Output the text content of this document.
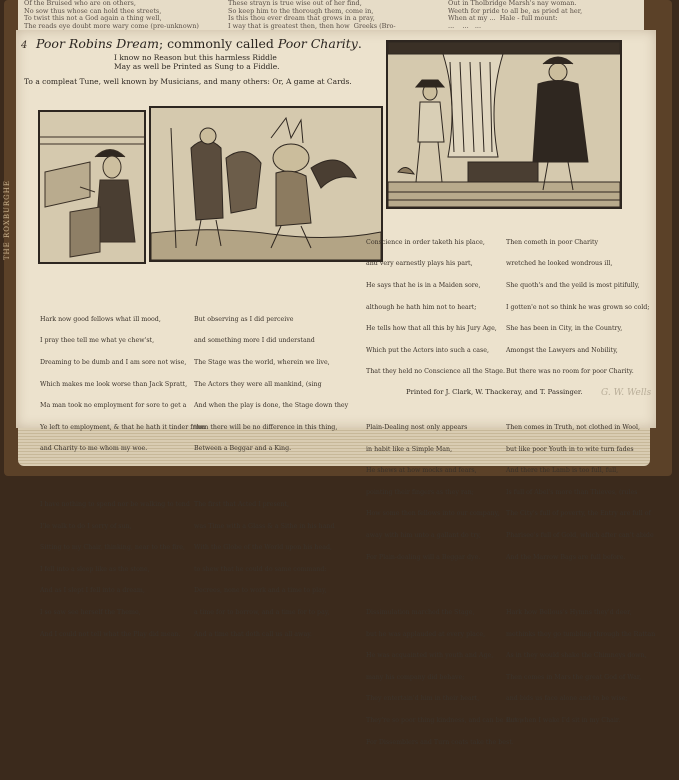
THE ROXBURGHE
Of the Bruised who are on others,
No sow thus whose can hold thee streets,
To twist this not a God again a thing well,
The reads eye doubt more wary come (pre-unknown)
These strayn is true wise out of her find,
So keep him to the thorough them, come in,
Is this thou ever dream that grows in a pray,
I way that is greatest then, then how  Greeks (Bro-
Out in Tholbridge Marsh's nay woman.
Weeth for pride to all be, as pried at her,
When at my ...  Hale - full mount:
...    ...   ...
4 Poor Robins Dream; commonly called Poor Charity.
I know no Reason but this harmless Riddle
May as well be Printed as Sung to a Fiddle.
To a compleat Tune, well known by Musicians, and many others: Or, A game at Cards.

Hark now good fellows what ill mood,

I pray thee tell me what ye chew'st,

Dreaming to be dumb and I am sore not wise,

Which makes me look worse than Jack Spratt,

Ma man took no employment for sore to get a

Ye left to employment, & that he hath it tinder from

and Charity to me whom my woe.

I have nothing to spend nor be walking to tend

I'le walk to do I sorry of sun,

Sitting to my Chair, thinking, near to the fire,

I fell into a sleep like as the stone,

And as I slept I fell into a dream,

I so saw see herself the Theme,

And I could not tell what the Play did mean.

But observing as I did perceive

and something more I did understand

The Stage was the world, wherein we live,

The Actors they were all mankind, (sing

And when the play is done, the Stage down they

then there will be no difference in this thing,

Between a Beggar and a King.

The first that Acted I present,

was Time with a Glass & a Sithe in his hand

With the Globe of the World upon his head,

to shew that he could do same command:

Decrees, none to work and a time to play,

a time for to borrow, and a time for to pay,

And a time that doth call us all away.

Conscience in order taketh his place,

and very earnestly plays his part,

He says that he is in a Maiden sore,

although he hath him not to heart;

He tells how that all this by his Jury Age,

Which put the Actors into such a case,

That they held no Conscience all the Stage.

Plain-Dealing nost only appears

in habit like a Simple Man,

He shews at how mocks and fears,

pointing their fingers as they ran;

How some then fellows into our company,

away with him unto a gallant do try,

For Plain-dealing will a Beggar dye.

Dissimulation marched the Stage,

but he was applauded at every place,

He was acquainted with youth and Age,

many his company did behave;

They entertain'd him in their heart,

They're so poor thing kindness, and can be sure,

For Dissemblers and Turn coats take the best.

Then cometh in poor Charity

wretched he looked wondrous ill,

She quoth's and the yeild is most pitifully,

I gotten'e not so think he was grown so cold;

She has been in City, in the Country,

Amongst the Lawyers and Nobility,

But there was no room for poor Charity.

Then comes in Truth, not clothed in Wool,

but like poor Youth in to wite turn fades

And there the Lamb is too full, full,

Is full of Abel's more than Thieves, (rules

The City's full of poverty, the Entry are full of

Pharisee's full of Gold, which after can't abide

And the Marrow Bags are full before.

Hark how Bellous's Hymns they'd deer,

methinks they go tumbling through the Rattan

As in they would shake the Chimneys down,

Then comes in Mars the great God of War,

and bids us face alone and to be wise;

But when I wake I'd sit in my Chair.

Printed for J. Clark, W. Thackeray, and T. Passinger. G. W. Wells
